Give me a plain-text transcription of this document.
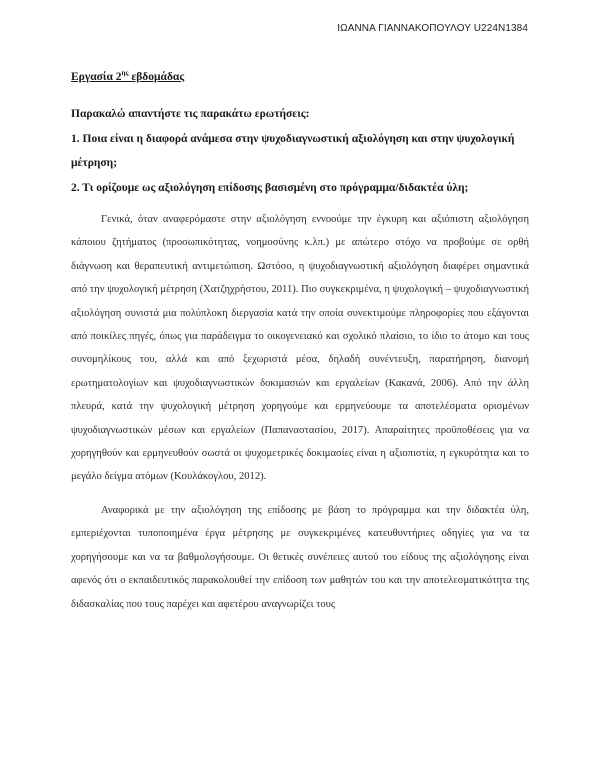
ΙΩΑΝΝΑ ΓΙΑΝΝΑΚΟΠΟΥΛΟΥ U224N1384

Εργασία $2^{\eta\varsigma}$ εβδομάδας

Παρακαλώ απαντήστε τις παρακάτω ερωτήσεις:

1. Ποια είναι η διαφορά ανάμεσα στην ψυχοδιαγνωστική αξιολόγηση και στην ψυχολογική μέτρηση;

2. Τι ορίζουμε ως αξιολόγηση επίδοσης βασισμένη στο πρόγραμμα/διδακτέα ύλη;

Γενικά, όταν αναφερόμαστε στην αξιολόγηση εννοούμε την έγκυρη και αξιόπιστη αξιολόγηση κάποιου ζητήματος (προσωπικότητας, νοημοσύνης κ.λπ.) με απώτερο στόχο να προβούμε σε ορθή διάγνωση και θεραπευτική αντιμετώπιση. Ωστόσο, η ψυχοδιαγνωστική αξιολόγηση διαφέρει σημαντικά από την ψυχολογική μέτρηση (Χατζηχρήστου, 2011). Πιο συγκεκριμένα, η ψυχολογική – ψυχοδιαγνωστική αξιολόγηση συνιστά μια πολύπλοκη διεργασία κατά την οποία συνεκτιμούμε πληροφορίες που εξάγονται από ποικίλες πηγές, όπως για παράδειγμα το οικογενειακό και σχολικό πλαίσιο, το ίδιο το άτομο και τους συνομηλίκους του, αλλά και από ξεχωριστά μέσα, δηλαδή συνέντευξη, παρατήρηση, διανομή ερωτηματολογίων και ψυχοδιαγνωστικών δοκιμασιών και εργαλείων (Κακανά, 2006). Από την άλλη πλευρά, κατά την ψυχολογική μέτρηση χορηγούμε και ερμηνεύουμε τα αποτελέσματα ορισμένων ψυχοδιαγνωστικών μέσων και εργαλείων (Παπαναστασίου, 2017). Απαραίτητες προϋποθέσεις για να χορηγηθούν και ερμηνευθούν σωστά οι ψυχομετρικές δοκιμασίες είναι η αξιοπιστία, η εγκυρότητα και το μεγάλο δείγμα ατόμων (Κουλάκογλου, 2012).

Αναφορικά με την αξιολόγηση της επίδοσης με βάση το πρόγραμμα και την διδακτέα ύλη, εμπεριέχονται τυποποιημένα έργα μέτρησης με συγκεκριμένες κατευθυντήριες οδηγίες για να τα χορηγήσουμε και να τα βαθμολογήσουμε. Οι θετικές συνέπειες αυτού του είδους της αξιολόγησης είναι αφενός ότι ο εκπαιδευτικός παρακολουθεί την επίδοση των μαθητών του και την αποτελεσματικότητα της διδασκαλίας που τους παρέχει και αφετέρου αναγνωρίζει τους
